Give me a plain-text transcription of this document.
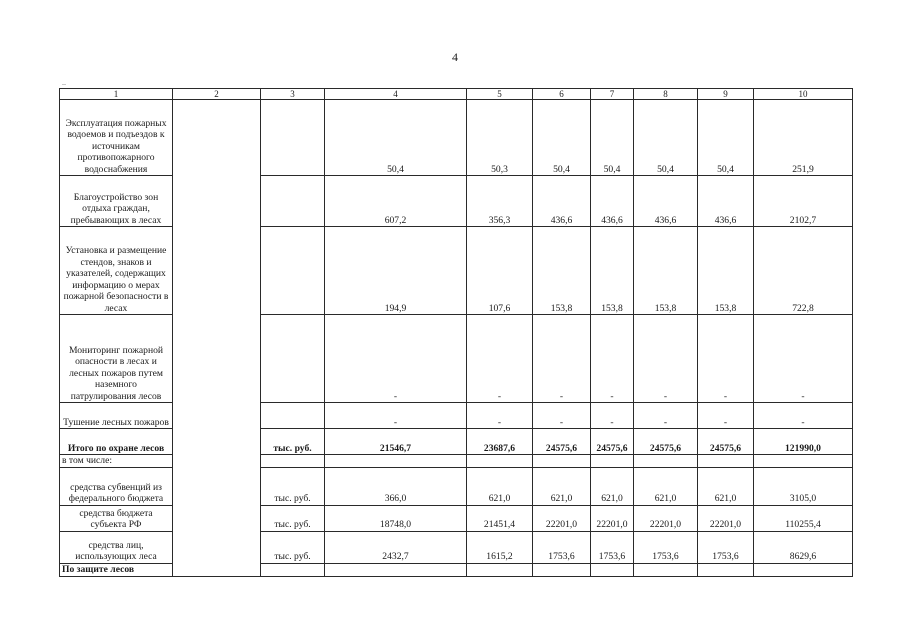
4
..
1	2	3	4	5	6	7	8	9	10
Эксплуатация пожарных водоемов и подъездов к источникам противопожарного водоснабжения			50,4	50,3	50,4	50,4	50,4	50,4	251,9
Благоустройство зон отдыха граждан, пребывающих в лесах			607,2	356,3	436,6	436,6	436,6	436,6	2102,7
Установка и размещение стендов, знаков и указателей, содержащих информацию о мерах пожарной безопасности в лесах			194,9	107,6	153,8	153,8	153,8	153,8	722,8
Мониторинг пожарной опасности в лесах и лесных пожаров путем наземного патрулирования лесов			-	-	-	-	-	-	-
Тушение лесных пожаров			-	-	-	-	-	-	-
Итого по охране лесов		тыс. руб.	21546,7	23687,6	24575,6	24575,6	24575,6	24575,6	121990,0
в том числе:									
средства субвенций из федерального бюджета		тыс. руб.	366,0	621,0	621,0	621,0	621,0	621,0	3105,0
средства бюджета субъекта РФ		тыс. руб.	18748,0	21451,4	22201,0	22201,0	22201,0	22201,0	110255,4
средства лиц, использующих леса		тыс. руб.	2432,7	1615,2	1753,6	1753,6	1753,6	1753,6	8629,6
По защите лесов									
